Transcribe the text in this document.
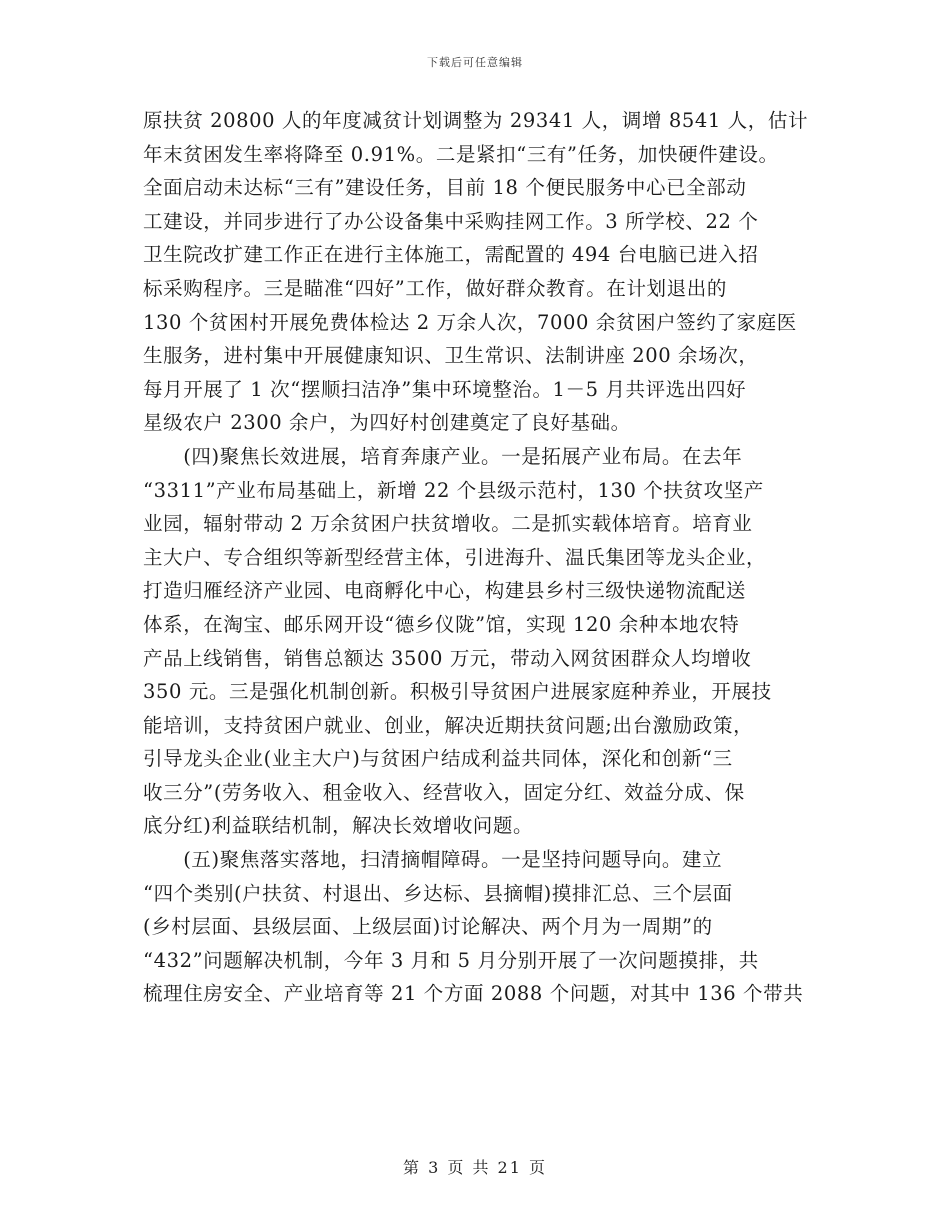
下载后可任意编辑
原扶贫 20800 人的年度减贫计划调整为 29341 人，调增 8541 人，估计
年末贫困发生率将降至 0.91%。二是紧扣“三有”任务，加快硬件建设。
全面启动未达标“三有”建设任务，目前 18 个便民服务中心已全部动
工建设，并同步进行了办公设备集中采购挂网工作。3 所学校、22 个
卫生院改扩建工作正在进行主体施工，需配置的 494 台电脑已进入招
标采购程序。三是瞄准“四好”工作，做好群众教育。在计划退出的
130 个贫困村开展免费体检达 2 万余人次，7000 余贫困户签约了家庭医
生服务，进村集中开展健康知识、卫生常识、法制讲座 200 余场次，
每月开展了 1 次“摆顺扫洁净”集中环境整治。1－5 月共评选出四好
星级农户 2300 余户，为四好村创建奠定了良好基础。
　　(四)聚焦长效进展，培育奔康产业。一是拓展产业布局。在去年
“3311”产业布局基础上，新增 22 个县级示范村，130 个扶贫攻坚产
业园，辐射带动 2 万余贫困户扶贫增收。二是抓实载体培育。培育业
主大户、专合组织等新型经营主体，引进海升、温氏集团等龙头企业，
打造归雁经济产业园、电商孵化中心，构建县乡村三级快递物流配送
体系，在淘宝、邮乐网开设“德乡仪陇”馆，实现 120 余种本地农特
产品上线销售，销售总额达 3500 万元，带动入网贫困群众人均增收
350 元。三是强化机制创新。积极引导贫困户进展家庭种养业，开展技
能培训，支持贫困户就业、创业，解决近期扶贫问题;出台激励政策，
引导龙头企业(业主大户)与贫困户结成利益共同体，深化和创新“三
收三分”(劳务收入、租金收入、经营收入，固定分红、效益分成、保
底分红)利益联结机制，解决长效增收问题。
　　(五)聚焦落实落地，扫清摘帽障碍。一是坚持问题导向。建立
“四个类别(户扶贫、村退出、乡达标、县摘帽)摸排汇总、三个层面
(乡村层面、县级层面、上级层面)讨论解决、两个月为一周期”的
“432”问题解决机制，今年 3 月和 5 月分别开展了一次问题摸排，共
梳理住房安全、产业培育等 21 个方面 2088 个问题，对其中 136 个带共
第 3 页 共 21 页
